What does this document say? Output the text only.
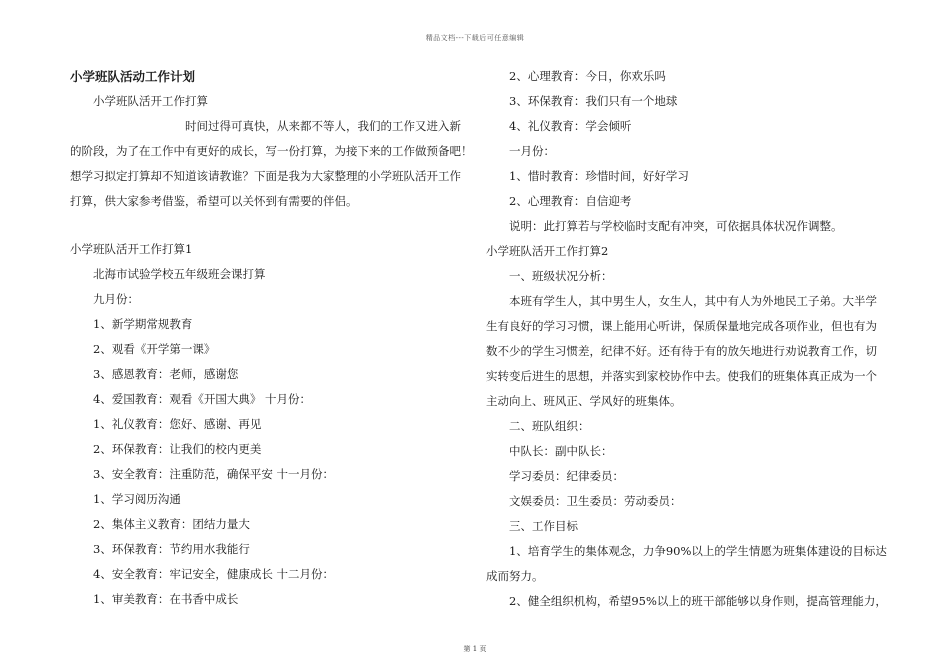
精品文档---下载后可任意编辑
小学班队活动工作计划
小学班队活开工作打算
时间过得可真快，从来都不等人，我们的工作又进入新
的阶段，为了在工作中有更好的成长，写一份打算，为接下来的工作做预备吧！
想学习拟定打算却不知道该请教谁？下面是我为大家整理的小学班队活开工作
打算，供大家参考借鉴，希望可以关怀到有需要的伴侣。
小学班队活开工作打算1
北海市试验学校五年级班会课打算
九月份：
1、新学期常规教育
2、观看《开学第一课》
3、感恩教育：老师，感谢您
4、爱国教育：观看《开国大典》 十月份：
1、礼仪教育：您好、感谢、再见
2、环保教育：让我们的校内更美
3、安全教育：注重防范，确保平安 十一月份：
1、学习阅历沟通
2、集体主义教育：团结力量大
3、环保教育：节约用水我能行
4、安全教育：牢记安全，健康成长 十二月份：
1、审美教育：在书香中成长
2、心理教育：今日，你欢乐吗
3、环保教育：我们只有一个地球
4、礼仪教育：学会倾听
一月份：
1、惜时教育：珍惜时间，好好学习
2、心理教育：自信迎考
说明：此打算若与学校临时支配有冲突，可依据具体状况作调整。
小学班队活开工作打算2
一、班级状况分析：
本班有学生人，其中男生人，女生人，其中有人为外地民工子弟。大半学
生有良好的学习习惯，课上能用心听讲，保质保量地完成各项作业，但也有为
数不少的学生习惯差，纪律不好。还有待于有的放矢地进行劝说教育工作，切
实转变后进生的思想，并落实到家校协作中去。使我们的班集体真正成为一个
主动向上、班风正、学风好的班集体。
二、班队组织：
中队长：副中队长：
学习委员：纪律委员：
文娱委员：卫生委员：劳动委员：
三、工作目标
1、培育学生的集体观念，力争90%以上的学生情愿为班集体建设的目标达
成而努力。
2、健全组织机构，希望95%以上的班干部能够以身作则，提高管理能力，
第 1 页
